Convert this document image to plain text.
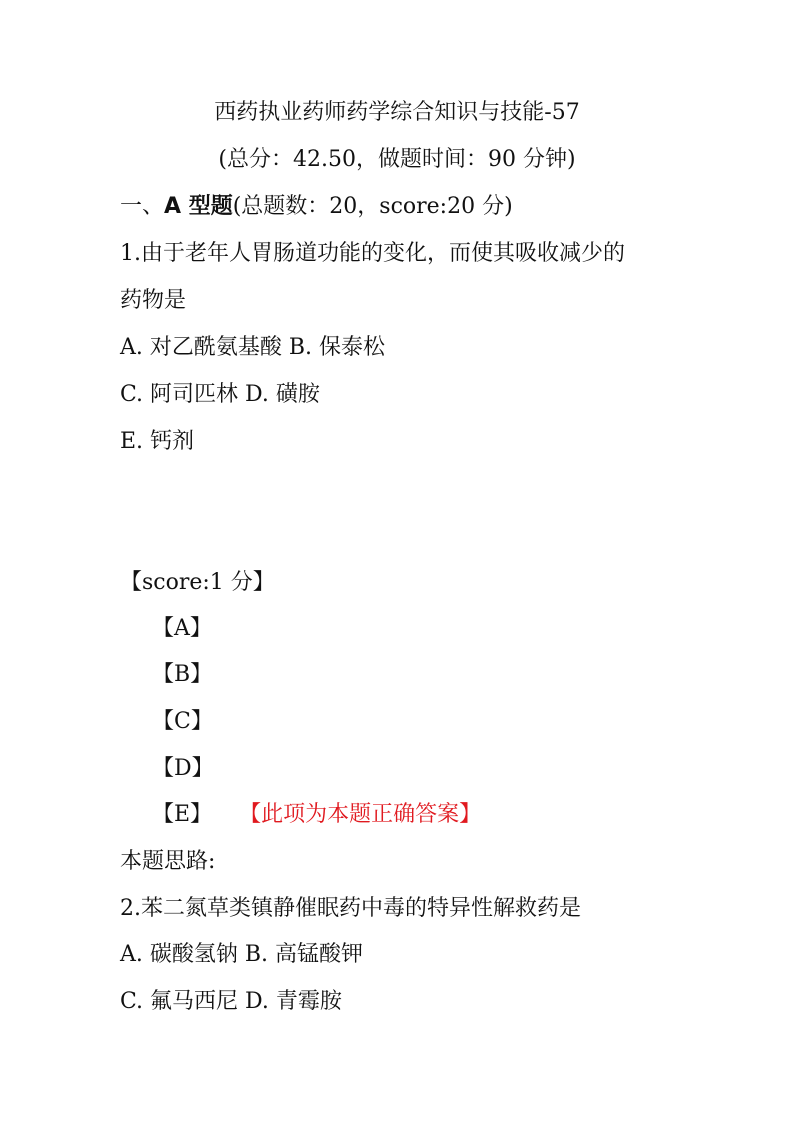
西药执业药师药学综合知识与技能-57
(总分：42.50，做题时间：90 分钟)
一、A 型题(总题数：20，score:20 分)
1.由于老年人胃肠道功能的变化，而使其吸收减少的
药物是
A. 对乙酰氨基酸 B. 保泰松
C. 阿司匹林 D. 磺胺
E. 钙剂
【score:1 分】
【A】
【B】
【C】
【D】
【E】 【此项为本题正确答案】
本题思路:
2.苯二氮草类镇静催眠药中毒的特异性解救药是
A. 碳酸氢钠 B. 高锰酸钾
C. 氟马西尼 D. 青霉胺
